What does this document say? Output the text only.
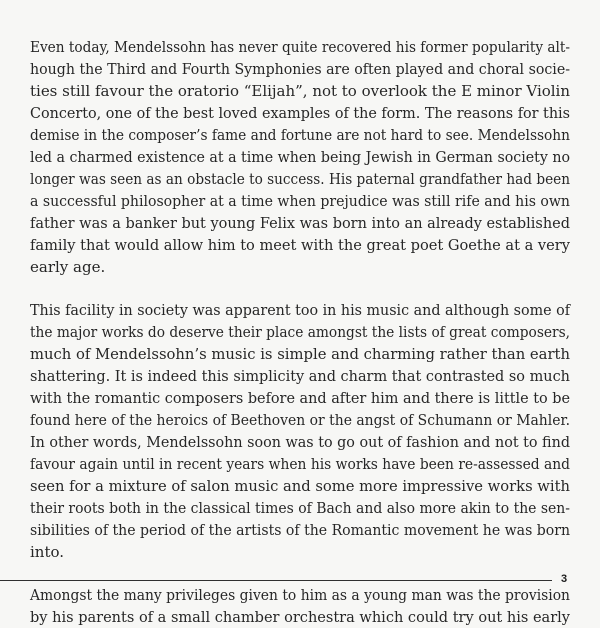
Even today, Mendelssohn has never quite recovered his former popularity alt-
hough the Third and Fourth Symphonies are often played and choral socie-
ties still favour the oratorio “Elijah”, not to overlook the E minor Violin
Concerto, one of the best loved examples of the form. The reasons for this
demise in the composer’s fame and fortune are not hard to see. Mendelssohn
led a charmed existence at a time when being Jewish in German society no
longer was seen as an obstacle to success. His paternal grandfather had been
a successful philosopher at a time when prejudice was still rife and his own
father was a banker but young Felix was born into an already established
family that would allow him to meet with the great poet Goethe at a very
early age.
This facility in society was apparent too in his music and although some of
the major works do deserve their place amongst the lists of great composers,
much of Mendelssohn’s music is simple and charming rather than earth
shattering. It is indeed this simplicity and charm that contrasted so much
with the romantic composers before and after him and there is little to be
found here of the heroics of Beethoven or the angst of Schumann or Mahler.
In other words, Mendelssohn soon was to go out of fashion and not to find
favour again until in recent years when his works have been re-assessed and
seen for a mixture of salon music and some more impressive works with
their roots both in the classical times of Bach and also more akin to the sen-
sibilities of the period of the artists of the Romantic movement he was born
into.
Amongst the many privileges given to him as a young man was the provision
by his parents of a small chamber orchestra which could try out his early
3
